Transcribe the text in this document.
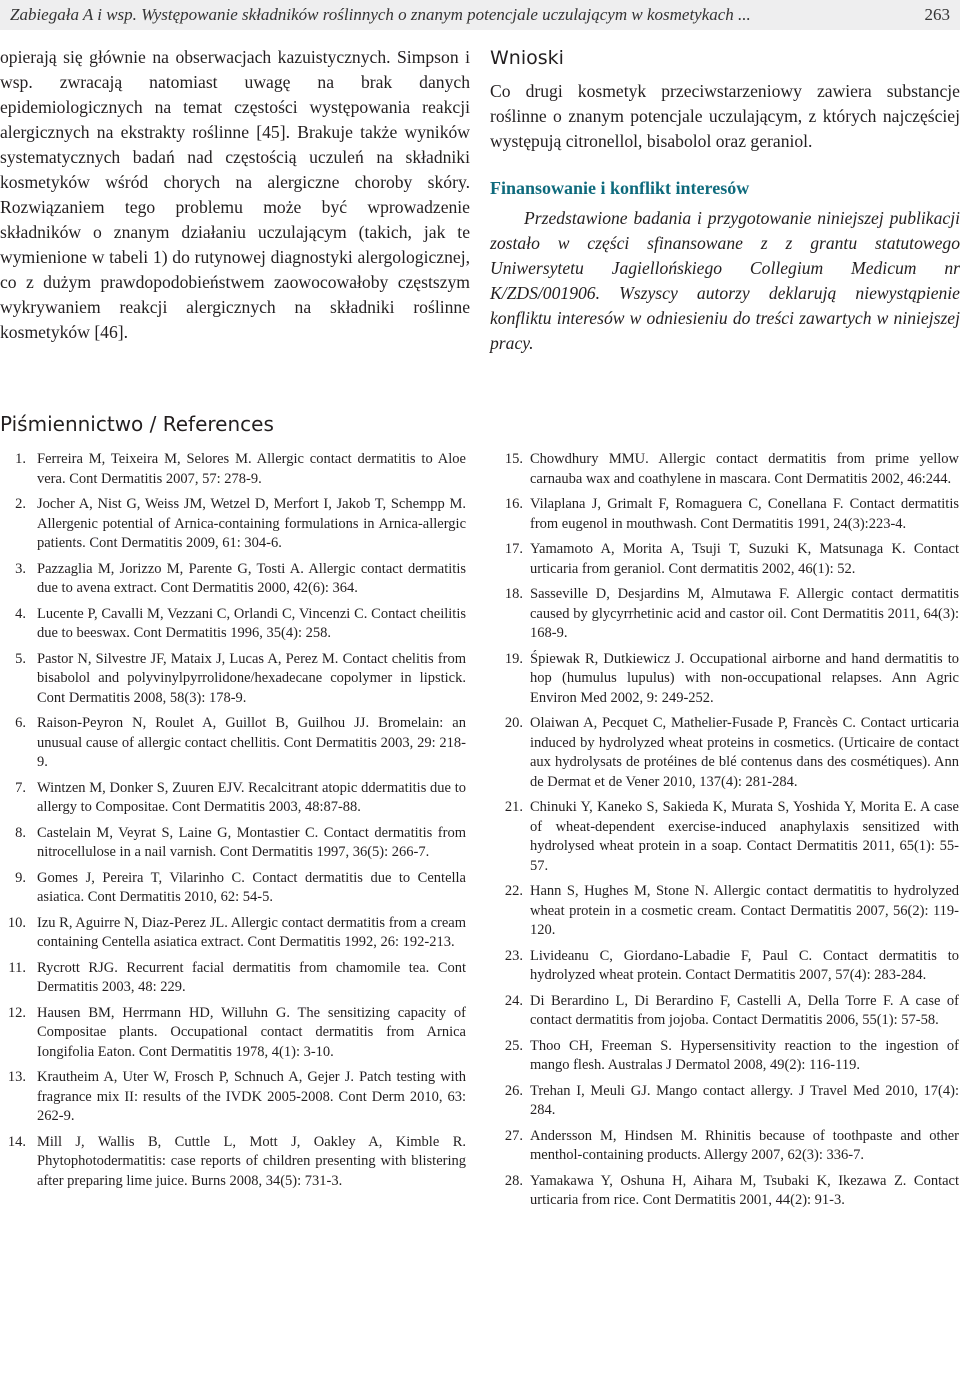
Zabiegała A i wsp. Występowanie składników roślinnych o znanym potencjale uczulającym w kosmetykach ...	263

opierają się głównie na obserwacjach kazuistycznych. Simpson i wsp. zwracają natomiast uwagę na brak danych epidemiologicznych na temat częstości występowania reakcji alergicznych na ekstrakty roślinne [45]. Brakuje także wyników systematycznych badań nad częstością uczuleń na składniki kosmetyków wśród chorych na alergiczne choroby skóry. Rozwiązaniem tego problemu może być wprowadzenie składników o znanym działaniu uczulającym (takich, jak te wymienione w tabeli 1) do rutynowej diagnostyki alergologicznej, co z dużym prawdopodobieństwem zaowocowałoby częstszym wykrywaniem reakcji alergicznych na składniki roślinne kosmetyków [46].

Wnioski

Co drugi kosmetyk przeciwstarzeniowy zawiera substancje roślinne o znanym potencjale uczulającym, z których najczęściej występują citronellol, bisabolol oraz geraniol.

Finansowanie i konflikt interesów

Przedstawione badania i przygotowanie niniejszej publikacji zostało w części sfinansowane z z grantu statutowego Uniwersytetu Jagiellońskiego Collegium Medicum nr K/ZDS/001906. Wszyscy autorzy deklarują niewystąpienie konfliktu interesów w odniesieniu do treści zawartych w niniejszej pracy.

Piśmiennictwo / References
1. Ferreira M, Teixeira M, Selores M. Allergic contact dermatitis to Aloe vera. Cont Dermatitis 2007, 57: 278-9.
2. Jocher A, Nist G, Weiss JM, Wetzel D, Merfort I, Jakob T, Schempp M. Allergenic potential of Arnica-containing formulations in Arnica-allergic patients. Cont Dermatitis 2009, 61: 304-6.
3. Pazzaglia M, Jorizzo M, Parente G, Tosti A. Allergic contact dermatitis due to avena extract. Cont Dermatitis 2000, 42(6): 364.
4. Lucente P, Cavalli M, Vezzani C, Orlandi C, Vincenzi C. Contact cheilitis due to beeswax. Cont Dermatitis 1996, 35(4): 258.
5. Pastor N, Silvestre JF, Mataix J, Lucas A, Perez M. Contact chelitis from bisabolol and polyvinylpyrrolidone/hexadecane copolymer in lipstick. Cont Dermatitis 2008, 58(3): 178-9.
6. Raison-Peyron N, Roulet A, Guillot B, Guilhou JJ. Bromelain: an unusual cause of allergic contact chellitis. Cont Dermatitis 2003, 29: 218-9.
7. Wintzen M, Donker S, Zuuren EJV. Recalcitrant atopic ddermatitis due to allergy to Compositae. Cont Dermatitis 2003, 48:87-88.
8. Castelain M, Veyrat S, Laine G, Montastier C. Contact dermatitis from nitrocellulose in a nail varnish. Cont Dermatitis 1997, 36(5): 266-7.
9. Gomes J, Pereira T, Vilarinho C. Contact dermatitis due to Centella asiatica. Cont Dermatitis 2010, 62: 54-5.
10. Izu R, Aguirre N, Diaz-Perez JL. Allergic contact dermatitis from a cream containing Centella asiatica extract. Cont Dermatitis 1992, 26: 192-213.
11. Rycrott RJG. Recurrent facial dermatitis from chamomile tea. Cont Dermatitis 2003, 48: 229.
12. Hausen BM, Herrmann HD, Willuhn G. The sensitizing capacity of Compositae plants. Occupational contact dermatitis from Arnica Iongifolia Eaton. Cont Dermatitis 1978, 4(1): 3-10.
13. Krautheim A, Uter W, Frosch P, Schnuch A, Gejer J. Patch testing with fragrance mix II: results of the IVDK 2005-2008. Cont Derm 2010, 63: 262-9.
14. Mill J, Wallis B, Cuttle L, Mott J, Oakley A, Kimble R. Phytophotodermatitis: case reports of children presenting with blistering after preparing lime juice. Burns 2008, 34(5): 731-3.
15. Chowdhury MMU. Allergic contact dermatitis from prime yellow carnauba wax and coathylene in mascara. Cont Dermatitis 2002, 46:244.
16. Vilaplana J, Grimalt F, Romaguera C, Conellana F. Contact dermatitis from eugenol in mouthwash. Cont Dermatitis 1991, 24(3):223-4.
17. Yamamoto A, Morita A, Tsuji T, Suzuki K, Matsunaga K. Contact urticaria from geraniol. Cont dermatitis 2002, 46(1): 52.
18. Sasseville D, Desjardins M, Almutawa F. Allergic contact dermatitis caused by glycyrrhetinic acid and castor oil. Cont Dermatitis 2011, 64(3): 168-9.
19. Śpiewak R, Dutkiewicz J. Occupational airborne and hand dermatitis to hop (humulus lupulus) with non-occupational relapses. Ann Agric Environ Med 2002, 9: 249-252.
20. Olaiwan A, Pecquet C, Mathelier-Fusade P, Francès C. Contact urticaria induced by hydrolyzed wheat proteins in cosmetics. (Urticaire de contact aux hydrolysats de protéines de blé contenus dans des cosmétiques). Ann de Dermat et de Vener 2010, 137(4): 281-284.
21. Chinuki Y, Kaneko S, Sakieda K, Murata S, Yoshida Y, Morita E. A case of wheat-dependent exercise-induced anaphylaxis sensitized with hydrolysed wheat protein in a soap. Contact Dermatitis 2011, 65(1): 55-57.
22. Hann S, Hughes M, Stone N. Allergic contact dermatitis to hydrolyzed wheat protein in a cosmetic cream. Contact Dermatitis 2007, 56(2): 119-120.
23. Livideanu C, Giordano-Labadie F, Paul C. Contact dermatitis to hydrolyzed wheat protein. Contact Dermatitis 2007, 57(4): 283-284.
24. Di Berardino L, Di Berardino F, Castelli A, Della Torre F. A case of contact dermatitis from jojoba. Contact Dermatitis 2006, 55(1): 57-58.
25. Thoo CH, Freeman S. Hypersensitivity reaction to the ingestion of mango flesh. Australas J Dermatol 2008, 49(2): 116-119.
26. Trehan I, Meuli GJ. Mango contact allergy. J Travel Med 2010, 17(4): 284.
27. Andersson M, Hindsen M. Rhinitis because of toothpaste and other menthol-containing products. Allergy 2007, 62(3): 336-7.
28. Yamakawa Y, Oshuna H, Aihara M, Tsubaki K, Ikezawa Z. Contact urticaria from rice. Cont Dermatitis 2001, 44(2): 91-3.
